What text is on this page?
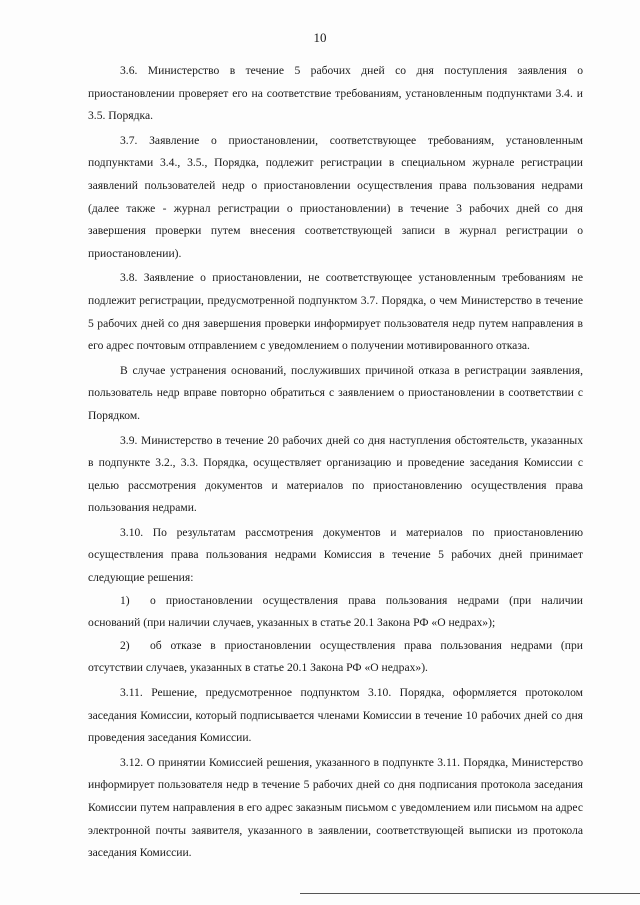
10

3.6. Министерство в течение 5 рабочих дней со дня поступления заявления о приостановлении проверяет его на соответствие требованиям, установленным подпунктами 3.4. и 3.5. Порядка.

3.7. Заявление о приостановлении, соответствующее требованиям, установленным подпунктами 3.4., 3.5., Порядка, подлежит регистрации в специальном журнале регистрации заявлений пользователей недр о приостановлении осуществления права пользования недрами (далее также - журнал регистрации о приостановлении) в течение 3 рабочих дней со дня завершения проверки путем внесения соответствующей записи в журнал регистрации о приостановлении).

3.8. Заявление о приостановлении, не соответствующее установленным требованиям не подлежит регистрации, предусмотренной подпунктом 3.7. Порядка, о чем Министерство в течение 5 рабочих дней со дня завершения проверки информирует пользователя недр путем направления в его адрес почтовым отправлением с уведомлением о получении мотивированного отказа.

В случае устранения оснований, послуживших причиной отказа в регистрации заявления, пользователь недр вправе повторно обратиться с заявлением о приостановлении в соответствии с Порядком.

3.9. Министерство в течение 20 рабочих дней со дня наступления обстоятельств, указанных в подпункте 3.2., 3.3. Порядка, осуществляет организацию и проведение заседания Комиссии с целью рассмотрения документов и материалов по приостановлению осуществления права пользования недрами.

3.10. По результатам рассмотрения документов и материалов по приостановлению осуществления права пользования недрами Комиссия в течение 5 рабочих дней принимает следующие решения:

1) о приостановлении осуществления права пользования недрами (при наличии оснований (при наличии случаев, указанных в статье 20.1 Закона РФ «О недрах»);

2) об отказе в приостановлении осуществления права пользования недрами (при отсутствии случаев, указанных в статье 20.1 Закона РФ «О недрах»).

3.11. Решение, предусмотренное подпунктом 3.10. Порядка, оформляется протоколом заседания Комиссии, который подписывается членами Комиссии в течение 10 рабочих дней со дня проведения заседания Комиссии.

3.12. О принятии Комиссией решения, указанного в подпункте 3.11. Порядка, Министерство информирует пользователя недр в течение 5 рабочих дней со дня подписания протокола заседания Комиссии путем направления в его адрес заказным письмом с уведомлением или письмом на адрес электронной почты заявителя, указанного в заявлении, соответствующей выписки из протокола заседания Комиссии.
